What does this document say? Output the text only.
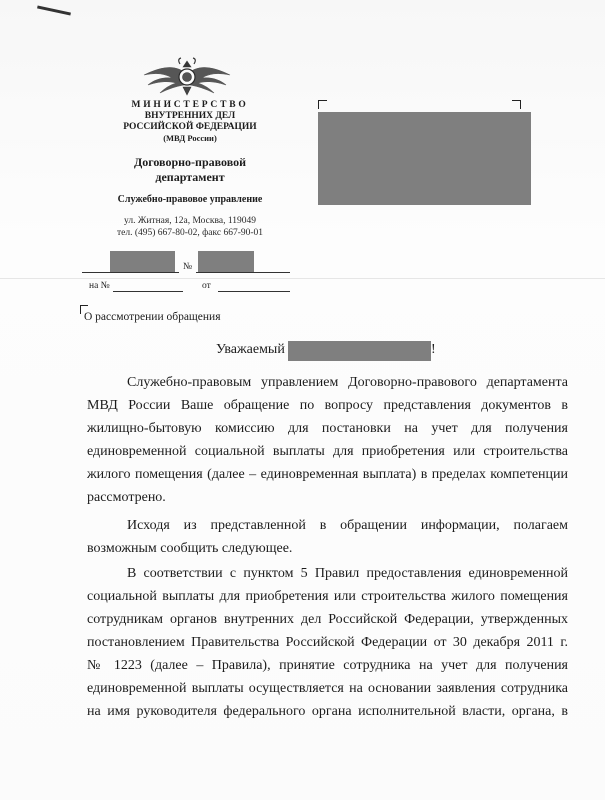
МИНИСТЕРСТВО
ВНУТРЕННИХ ДЕЛ
РОССИЙСКОЙ ФЕДЕРАЦИИ
(МВД России)
Договорно-правовой
департамент
Служебно-правовое управление
ул. Житная, 12а, Москва, 119049
тел. (495) 667-80-02, факс 667-90-01
№
на №	от
О рассмотрении обращения
Уважаемый	!
Служебно-правовым управлением Договорно-правового департамента
МВД России Ваше обращение по вопросу представления документов в
жилищно-бытовую комиссию для постановки на учет для получения
единовременной социальной выплаты для приобретения или строительства
жилого помещения (далее – единовременная выплата) в пределах компетенции
рассмотрено.
Исходя из представленной в обращении информации, полагаем
возможным сообщить следующее.
В соответствии с пунктом 5 Правил предоставления единовременной
социальной выплаты для приобретения или строительства жилого помещения
сотрудникам органов внутренних дел Российской Федерации, утвержденных
постановлением Правительства Российской Федерации от 30 декабря 2011 г.
№ 1223 (далее – Правила), принятие сотрудника на учет для получения
единовременной выплаты осуществляется на основании заявления сотрудника
на имя руководителя федерального органа исполнительной власти, органа, в
